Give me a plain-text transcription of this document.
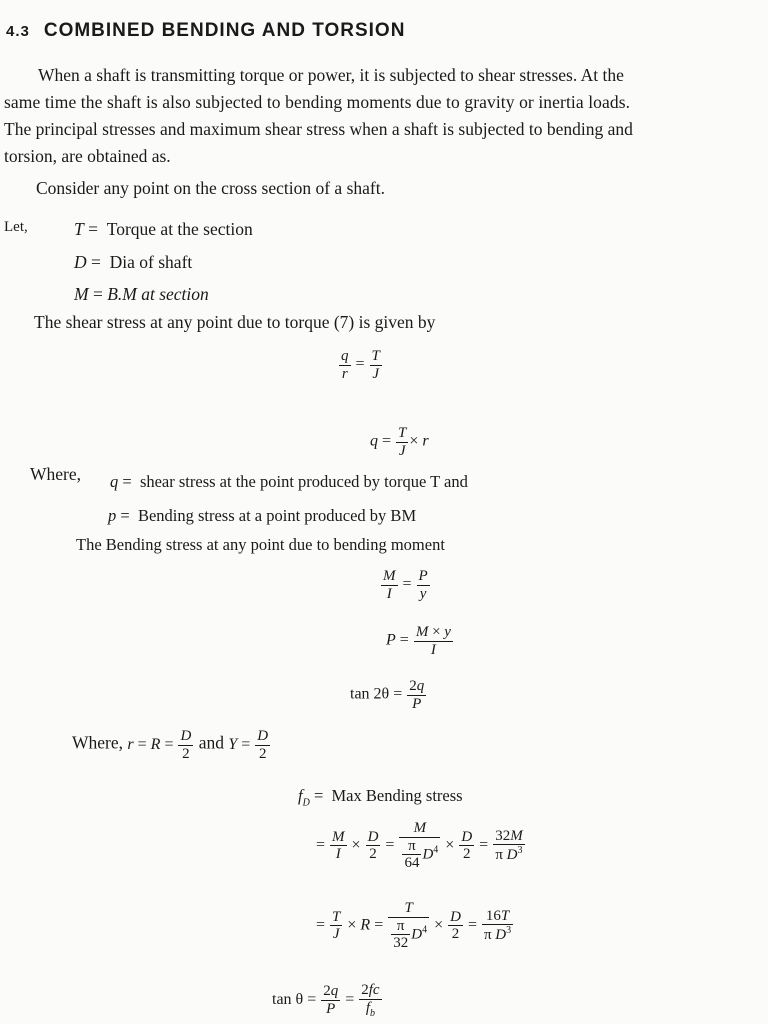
4.3 COMBINED BENDING AND TORSION
When a shaft is transmitting torque or power, it is subjected to shear stresses. At the
same time the shaft is also subjected to bending moments due to gravity or inertia loads.
The principal stresses and maximum shear stress when a shaft is subjected to bending and
torsion, are obtained as.
Consider any point on the cross section of a shaft.
Let,	T =  Torque at the section
D =  Dia of shaft
M = B.M at section
The shear stress at any point due to torque (7) is given by
$\frac{q}{r} = \frac{T}{J}$
$q = \frac{T}{J} \times r$
Where, q =  shear stress at the point produced by torque T and
p =  Bending stress at a point produced by BM
The Bending stress at any point due to bending moment
$\frac{M}{I} = \frac{P}{y}$
$P = \frac{M \times y}{I}$
$\tan 2\theta = \frac{2q}{P}$
Where, $r = R = \frac{D}{2}$ and $Y = \frac{D}{2}$
$f_D$ =  Max Bending stress
= $\frac{M}{I} \times \frac{D}{2} = \frac{M}{\frac{\pi}{64} D^4} \times \frac{D}{2} = \frac{32M}{\pi D^3}$
= $\frac{T}{J} \times R = \frac{T}{\frac{\pi}{32} D^4} \times \frac{D}{2} = \frac{16T}{\pi D^3}$
$\tan \theta = \frac{2q}{P} = \frac{2fc}{f_b}$
